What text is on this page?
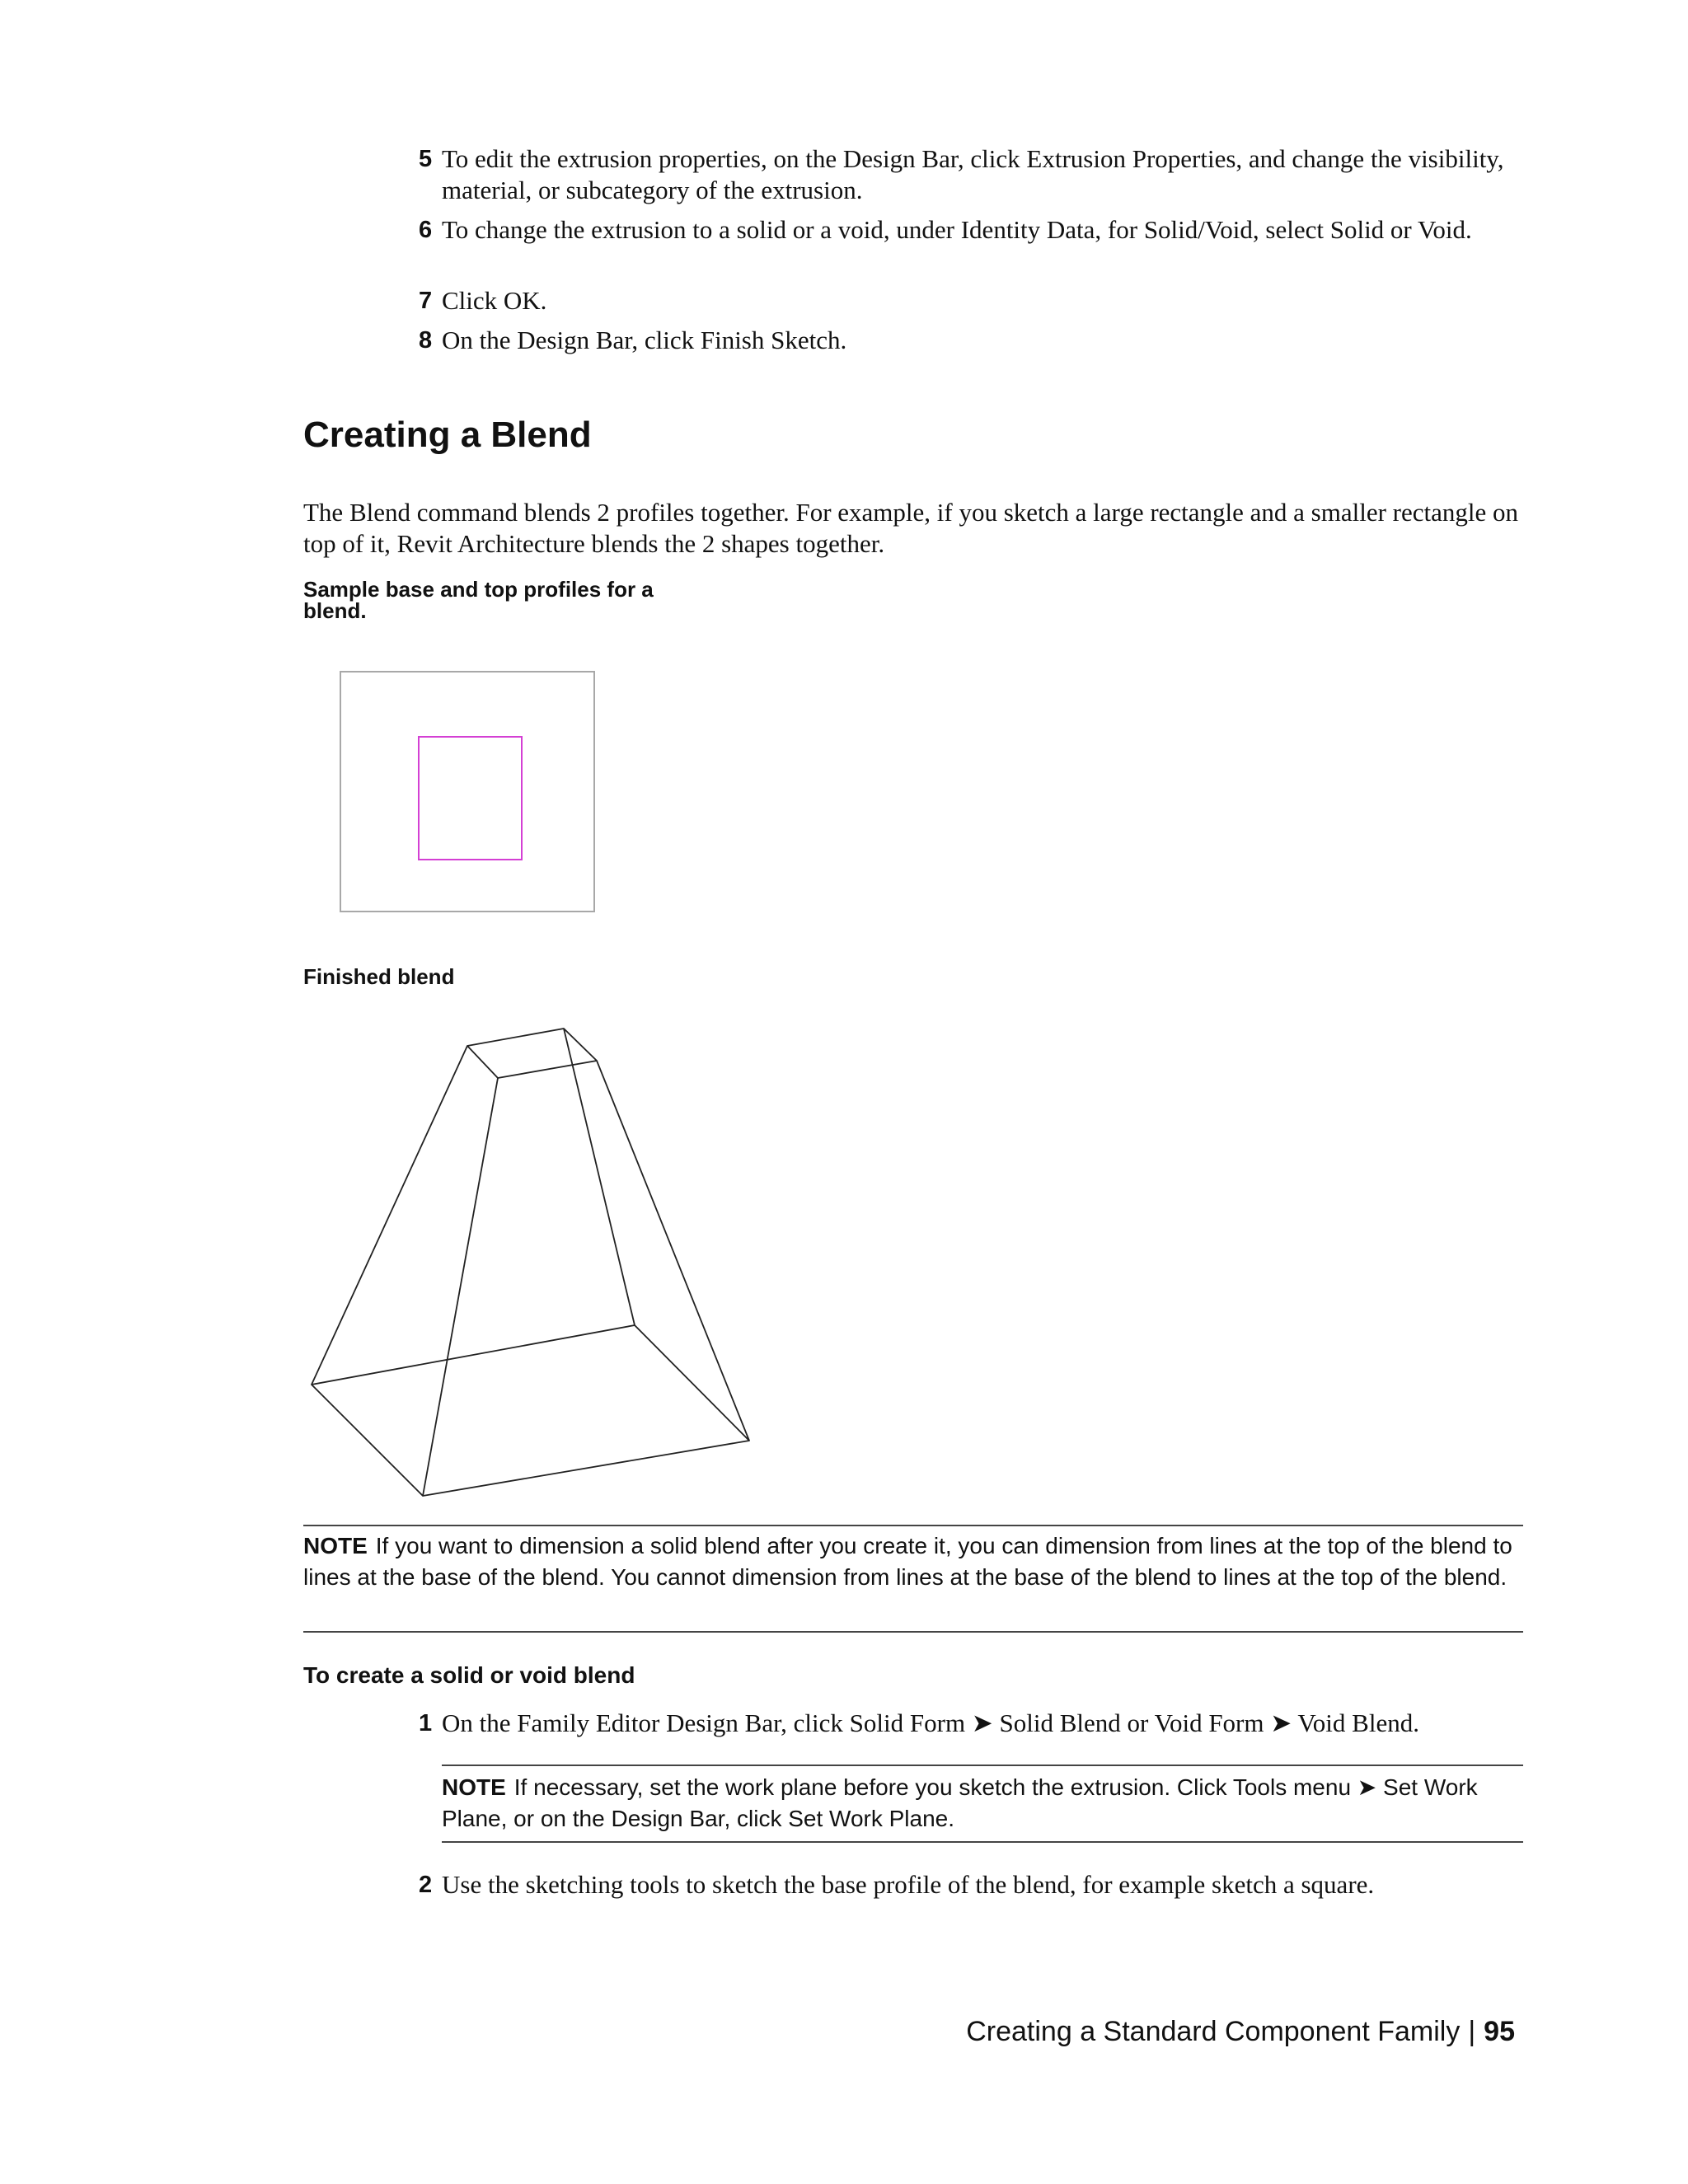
5 To edit the extrusion properties, on the Design Bar, click Extrusion Properties, and change the visibility, material, or subcategory of the extrusion.
6 To change the extrusion to a solid or a void, under Identity Data, for Solid/Void, select Solid or Void.
7 Click OK.
8 On the Design Bar, click Finish Sketch.
Creating a Blend
The Blend command blends 2 profiles together. For example, if you sketch a large rectangle and a smaller rectangle on top of it, Revit Architecture blends the 2 shapes together.
Sample base and top profiles for a blend.
Finished blend
NOTE If you want to dimension a solid blend after you create it, you can dimension from lines at the top of the blend to lines at the base of the blend. You cannot dimension from lines at the base of the blend to lines at the top of the blend.
To create a solid or void blend
1 On the Family Editor Design Bar, click Solid Form ➤ Solid Blend or Void Form ➤ Void Blend.
NOTE If necessary, set the work plane before you sketch the extrusion. Click Tools menu ➤ Set Work Plane, or on the Design Bar, click Set Work Plane.
2 Use the sketching tools to sketch the base profile of the blend, for example sketch a square.
Creating a Standard Component Family | 95
